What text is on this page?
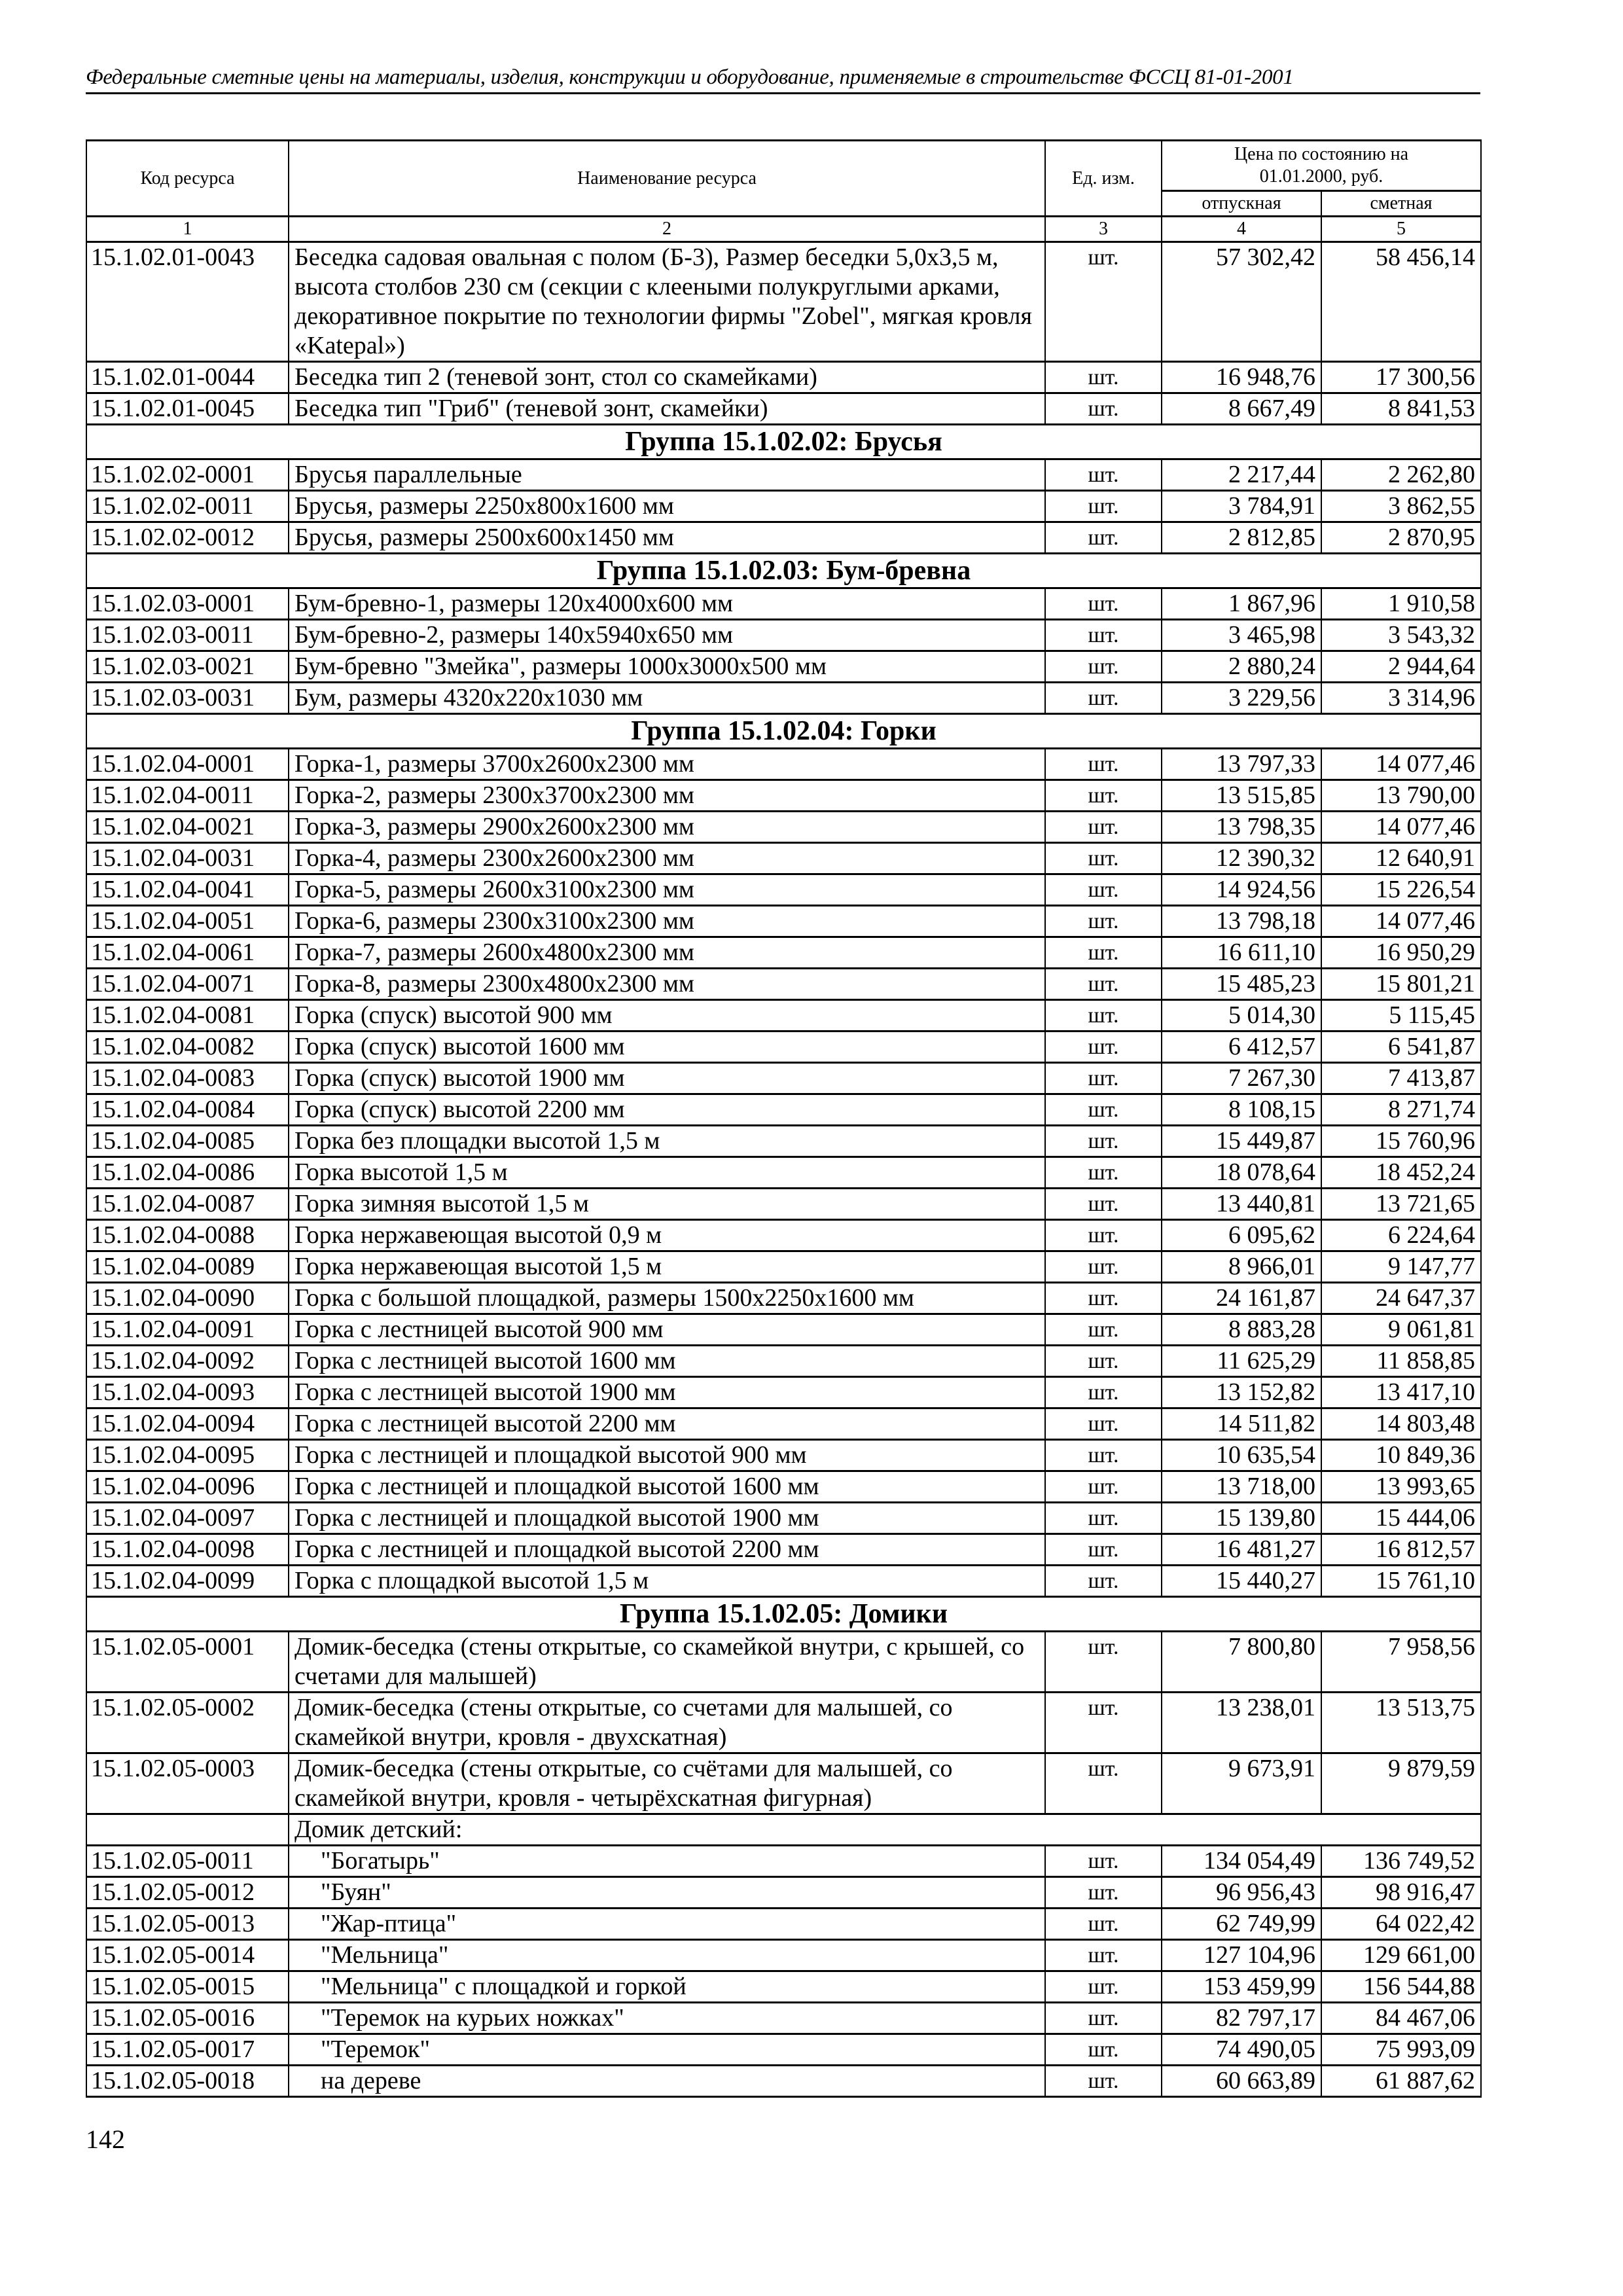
Федеральные сметные цены на материалы, изделия, конструкции и оборудование, применяемые в строительстве ФССЦ 81-01-2001
Код ресурса	Наименование ресурса	Ед. изм.	Цена по состоянию на 01.01.2000, руб.	
			отпускная	сметная
1	2	3	4	5
15.1.02.01-0043	Беседка садовая овальная с полом (Б-3), Размер беседки 5,0х3,5 м, высота столбов 230 см (секции с клееными полукруглыми арками, декоративное покрытие по технологии фирмы "Zobel", мягкая кровля «Katepal»)	шт.	57 302,42	58 456,14
15.1.02.01-0044	Беседка тип 2 (теневой зонт, стол со скамейками)	шт.	16 948,76	17 300,56
15.1.02.01-0045	Беседка тип "Гриб" (теневой зонт, скамейки)	шт.	8 667,49	8 841,53
Группа 15.1.02.02: Брусья				
15.1.02.02-0001	Брусья параллельные	шт.	2 217,44	2 262,80
15.1.02.02-0011	Брусья, размеры 2250х800х1600 мм	шт.	3 784,91	3 862,55
15.1.02.02-0012	Брусья, размеры 2500х600х1450 мм	шт.	2 812,85	2 870,95
Группа 15.1.02.03: Бум-бревна				
15.1.02.03-0001	Бум-бревно-1, размеры 120х4000х600 мм	шт.	1 867,96	1 910,58
15.1.02.03-0011	Бум-бревно-2, размеры 140х5940х650 мм	шт.	3 465,98	3 543,32
15.1.02.03-0021	Бум-бревно "Змейка", размеры 1000х3000х500 мм	шт.	2 880,24	2 944,64
15.1.02.03-0031	Бум, размеры 4320х220х1030 мм	шт.	3 229,56	3 314,96
Группа 15.1.02.04: Горки				
15.1.02.04-0001	Горка-1, размеры 3700х2600х2300 мм	шт.	13 797,33	14 077,46
15.1.02.04-0011	Горка-2, размеры 2300х3700х2300 мм	шт.	13 515,85	13 790,00
15.1.02.04-0021	Горка-3, размеры 2900х2600х2300 мм	шт.	13 798,35	14 077,46
15.1.02.04-0031	Горка-4, размеры 2300х2600х2300 мм	шт.	12 390,32	12 640,91
15.1.02.04-0041	Горка-5, размеры 2600х3100х2300 мм	шт.	14 924,56	15 226,54
15.1.02.04-0051	Горка-6, размеры 2300х3100х2300 мм	шт.	13 798,18	14 077,46
15.1.02.04-0061	Горка-7, размеры 2600х4800х2300 мм	шт.	16 611,10	16 950,29
15.1.02.04-0071	Горка-8, размеры 2300х4800х2300 мм	шт.	15 485,23	15 801,21
15.1.02.04-0081	Горка (спуск) высотой 900 мм	шт.	5 014,30	5 115,45
15.1.02.04-0082	Горка (спуск) высотой 1600 мм	шт.	6 412,57	6 541,87
15.1.02.04-0083	Горка (спуск) высотой 1900 мм	шт.	7 267,30	7 413,87
15.1.02.04-0084	Горка (спуск) высотой 2200 мм	шт.	8 108,15	8 271,74
15.1.02.04-0085	Горка без площадки высотой 1,5 м	шт.	15 449,87	15 760,96
15.1.02.04-0086	Горка высотой 1,5 м	шт.	18 078,64	18 452,24
15.1.02.04-0087	Горка зимняя высотой 1,5 м	шт.	13 440,81	13 721,65
15.1.02.04-0088	Горка нержавеющая высотой 0,9 м	шт.	6 095,62	6 224,64
15.1.02.04-0089	Горка нержавеющая высотой 1,5 м	шт.	8 966,01	9 147,77
15.1.02.04-0090	Горка с большой площадкой, размеры 1500х2250х1600 мм	шт.	24 161,87	24 647,37
15.1.02.04-0091	Горка с лестницей высотой 900 мм	шт.	8 883,28	9 061,81
15.1.02.04-0092	Горка с лестницей высотой 1600 мм	шт.	11 625,29	11 858,85
15.1.02.04-0093	Горка с лестницей высотой 1900 мм	шт.	13 152,82	13 417,10
15.1.02.04-0094	Горка с лестницей высотой 2200 мм	шт.	14 511,82	14 803,48
15.1.02.04-0095	Горка с лестницей и площадкой высотой 900 мм	шт.	10 635,54	10 849,36
15.1.02.04-0096	Горка с лестницей и площадкой высотой 1600 мм	шт.	13 718,00	13 993,65
15.1.02.04-0097	Горка с лестницей и площадкой высотой 1900 мм	шт.	15 139,80	15 444,06
15.1.02.04-0098	Горка с лестницей и площадкой высотой 2200 мм	шт.	16 481,27	16 812,57
15.1.02.04-0099	Горка с площадкой высотой 1,5 м	шт.	15 440,27	15 761,10
Группа 15.1.02.05: Домики				
15.1.02.05-0001	Домик-беседка (стены открытые, со скамейкой внутри, с крышей, со счетами для малышей)	шт.	7 800,80	7 958,56
15.1.02.05-0002	Домик-беседка (стены открытые, со счетами для малышей, со скамейкой внутри, кровля - двухскатная)	шт.	13 238,01	13 513,75
15.1.02.05-0003	Домик-беседка (стены открытые, со счётами для малышей, со скамейкой внутри, кровля - четырёхскатная фигурная)	шт.	9 673,91	9 879,59
	Домик детский:			
15.1.02.05-0011	"Богатырь"	шт.	134 054,49	136 749,52
15.1.02.05-0012	"Буян"	шт.	96 956,43	98 916,47
15.1.02.05-0013	"Жар-птица"	шт.	62 749,99	64 022,42
15.1.02.05-0014	"Мельница"	шт.	127 104,96	129 661,00
15.1.02.05-0015	"Мельница" с площадкой и горкой	шт.	153 459,99	156 544,88
15.1.02.05-0016	"Теремок на курьих ножках"	шт.	82 797,17	84 467,06
15.1.02.05-0017	"Теремок"	шт.	74 490,05	75 993,09
15.1.02.05-0018	на дереве	шт.	60 663,89	61 887,62
142
